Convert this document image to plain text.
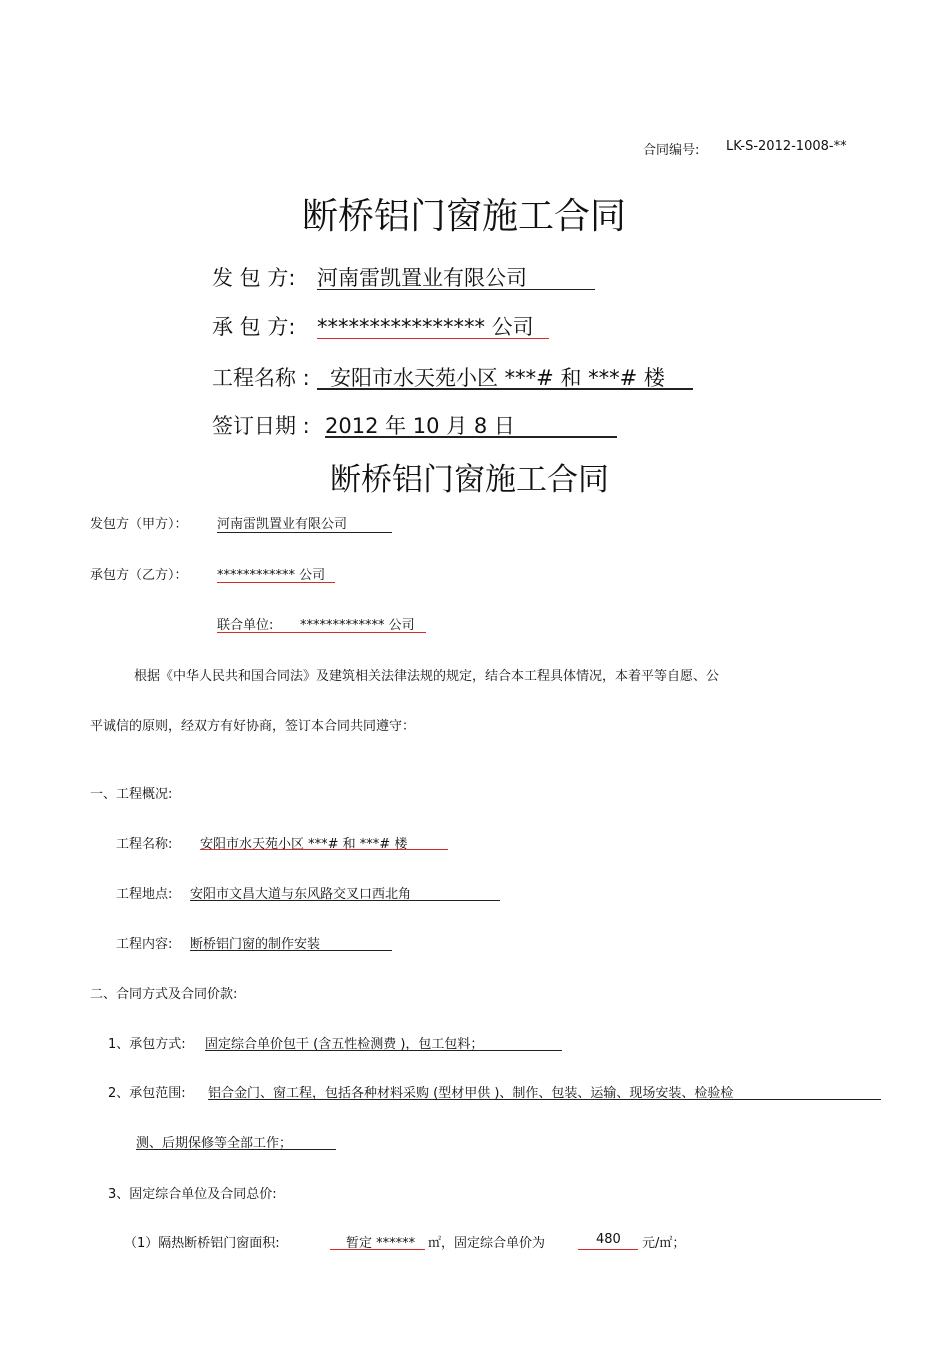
合同编号: LK-S-2012-1008-**
断桥铝门窗施工合同
发 包 方: 河南雷凯置业有限公司
承 包 方: **************** 公司
工程名称 : 安阳市水天苑小区 ***# 和 ***# 楼
签订日期 : 2012 年 10 月 8 日
断桥铝门窗施工合同
发包方（甲方）： 河南雷凯置业有限公司
承包方（乙方）： ************ 公司
联合单位: ************* 公司
根据《中华人民共和国合同法》及建筑相关法律法规的规定，结合本工程具体情况，本着平等自愿、公
平诚信的原则，经双方有好协商，签订本合同共同遵守：
一、工程概况:
工程名称: 安阳市水天苑小区 ***# 和 ***# 楼
工程地点: 安阳市文昌大道与东风路交叉口西北角
工程内容: 断桥铝门窗的制作安装
二、合同方式及合同价款:
1、承包方式: 固定综合单价包干 (含五性检测费 )，包工包料；
2、承包范围: 铝合金门、窗工程，包括各种材料采购 (型材甲供 )、制作、包装、运输、现场安装、检验检
测、后期保修等全部工作；
3、固定综合单位及合同总价:
（1）隔热断桥铝门窗面积:	暂定 ****** ㎡，固定综合单价为	480 元/㎡；
